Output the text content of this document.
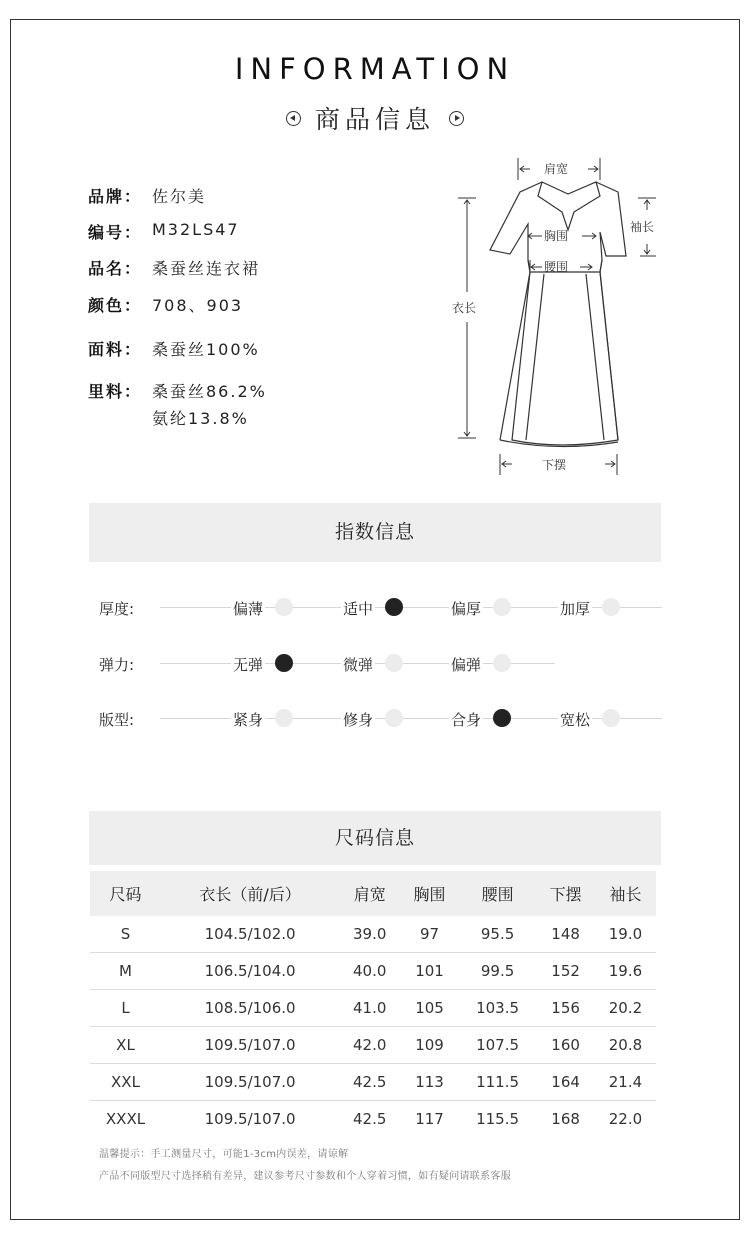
INFORMATION
商品信息
品牌： 佐尔美
编号： M32LS47
品名： 桑蚕丝连衣裙
颜色： 708、903
面料： 桑蚕丝100%
里料： 桑蚕丝86.2%
氨纶13.8%
肩宽
袖长
胸围
腰围
衣长
下摆
指数信息
厚度:	偏薄	适中	偏厚	加厚
弹力:	无弹	微弹	偏弹
版型:	紧身	修身	合身	宽松
尺码信息
尺码	衣长（前/后）	肩宽	胸围	腰围	下摆	袖长
S	104.5/102.0	39.0	97	95.5	148	19.0
M	106.5/104.0	40.0	101	99.5	152	19.6
L	108.5/106.0	41.0	105	103.5	156	20.2
XL	109.5/107.0	42.0	109	107.5	160	20.8
XXL	109.5/107.0	42.5	113	111.5	164	21.4
XXXL	109.5/107.0	42.5	117	115.5	168	22.0
温馨提示：手工测量尺寸，可能1-3cm内误差，请谅解
产品不同版型尺寸选择稍有差异，建议参考尺寸参数和个人穿着习惯，如有疑问请联系客服
